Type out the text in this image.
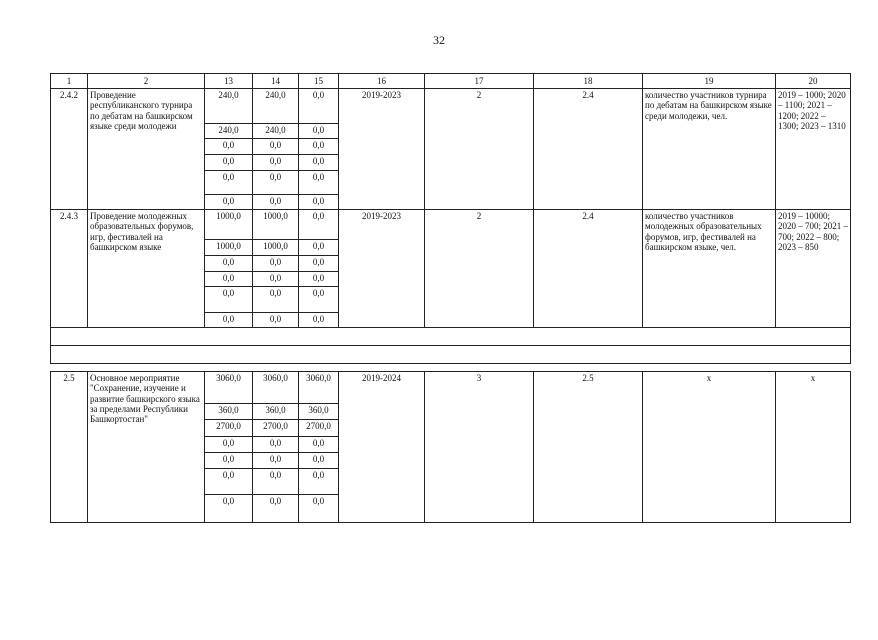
32
1	2	13	14	15	16	17	18	19	20
2.4.2	Проведение республиканского турнира по дебатам на башкирском языке среди молодежи	240,0	240,0	0,0	2019-2023	2	2.4	количество участников турнира по дебатам на башкирском языке среди молодежи, чел.	2019 – 1000; 2020 – 1100; 2021 – 1200; 2022 – 1300; 2023 – 1310
		240,0	240,0	0,0					
		0,0	0,0	0,0					
		0,0	0,0	0,0					
		0,0	0,0	0,0					
		0,0	0,0	0,0					
2.4.3	Проведение молодежных образовательных форумов, игр, фестивалей на башкирском языке	1000,0	1000,0	0,0	2019-2023	2	2.4	количество участников молодежных образовательных форумов, игр, фестивалей на башкирском языке, чел.	2019 – 10000; 2020 – 700; 2021 – 700; 2022 – 800; 2023 – 850
		1000,0	1000,0	0,0					
		0,0	0,0	0,0					
		0,0	0,0	0,0					
		0,0	0,0	0,0					
		0,0	0,0	0,0					

2.5	Основное мероприятие "Сохранение, изучение и развитие башкирского языка за пределами Республики Башкортостан"	3060,0	3060,0	3060,0	2019-2024	3	2.5	х	х
		360,0	360,0	360,0					
		2700,0	2700,0	2700,0					
		0,0	0,0	0,0					
		0,0	0,0	0,0					
		0,0	0,0	0,0					
		0,0	0,0	0,0					
